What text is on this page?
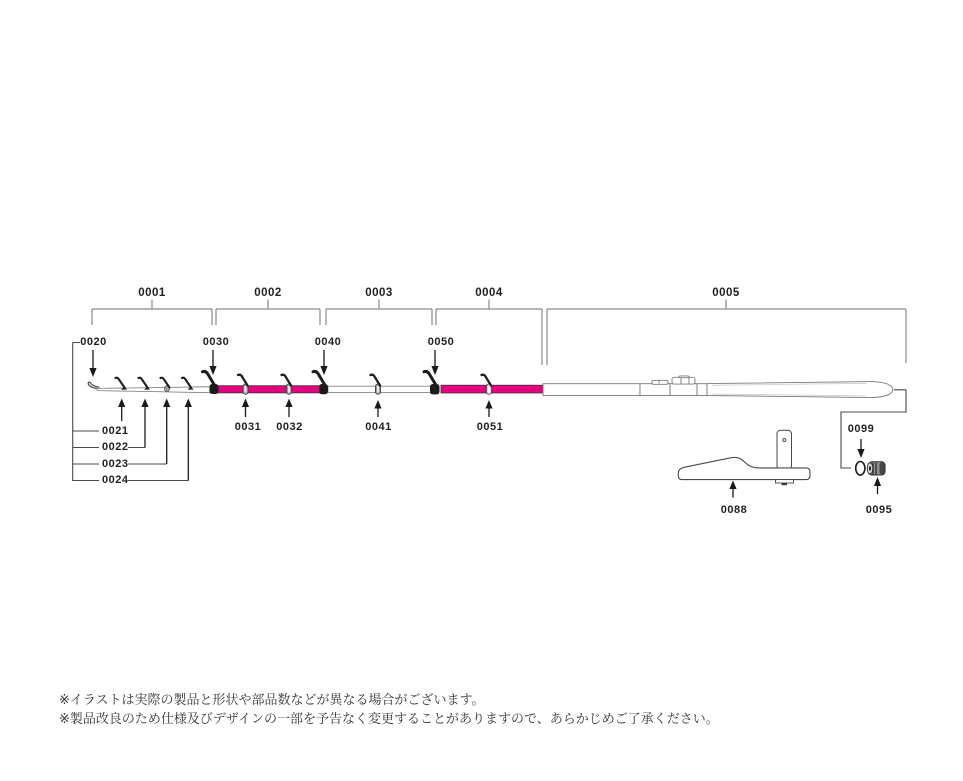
0001	0002	0003	0004	0005
0020	0030	0040	0050
0021
0022
0023
0024
0031 0032	0041	0051	0099
0088	0095
※イラストは実際の製品と形状や部品数などが異なる場合がございます。
※製品改良のため仕様及びデザインの一部を予告なく変更することがありますので、あらかじめご了承ください。
